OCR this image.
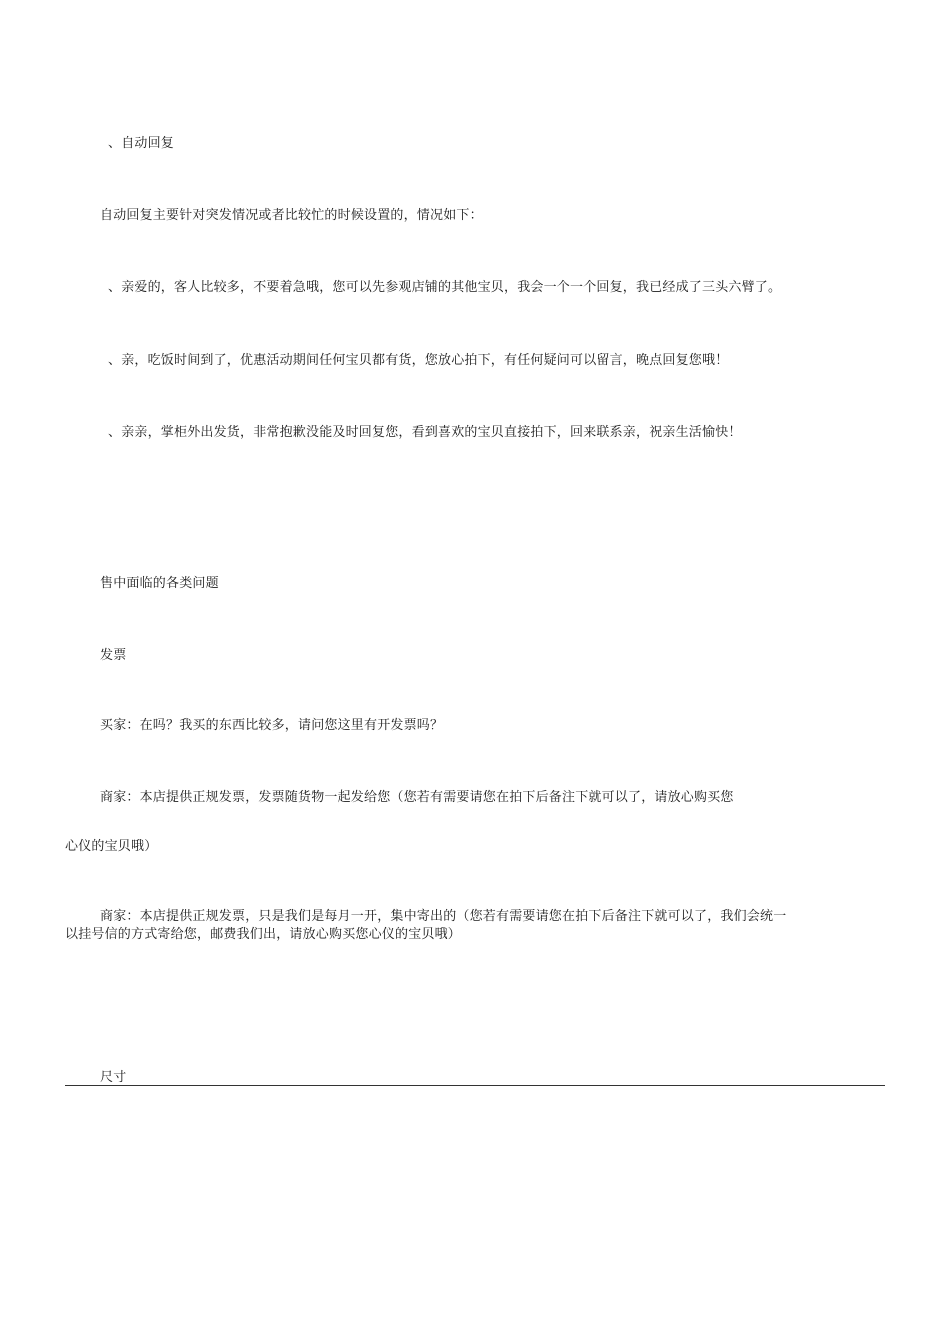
、自动回复
自动回复主要针对突发情况或者比较忙的时候设置的，情况如下：
、亲爱的，客人比较多，不要着急哦，您可以先参观店铺的其他宝贝，我会一个一个回复，我已经成了三头六臂了。
、亲，吃饭时间到了，优惠活动期间任何宝贝都有货，您放心拍下，有任何疑问可以留言，晚点回复您哦！
、亲亲，掌柜外出发货，非常抱歉没能及时回复您，看到喜欢的宝贝直接拍下，回来联系亲，祝亲生活愉快！
售中面临的各类问题
发票
买家：在吗？我买的东西比较多，请问您这里有开发票吗？
商家：本店提供正规发票，发票随货物一起发给您（您若有需要请您在拍下后备注下就可以了，请放心购买您
心仪的宝贝哦）
商家：本店提供正规发票，只是我们是每月一开，集中寄出的（您若有需要请您在拍下后备注下就可以了，我们会统一
以挂号信的方式寄给您，邮费我们出，请放心购买您心仪的宝贝哦）
尺寸
